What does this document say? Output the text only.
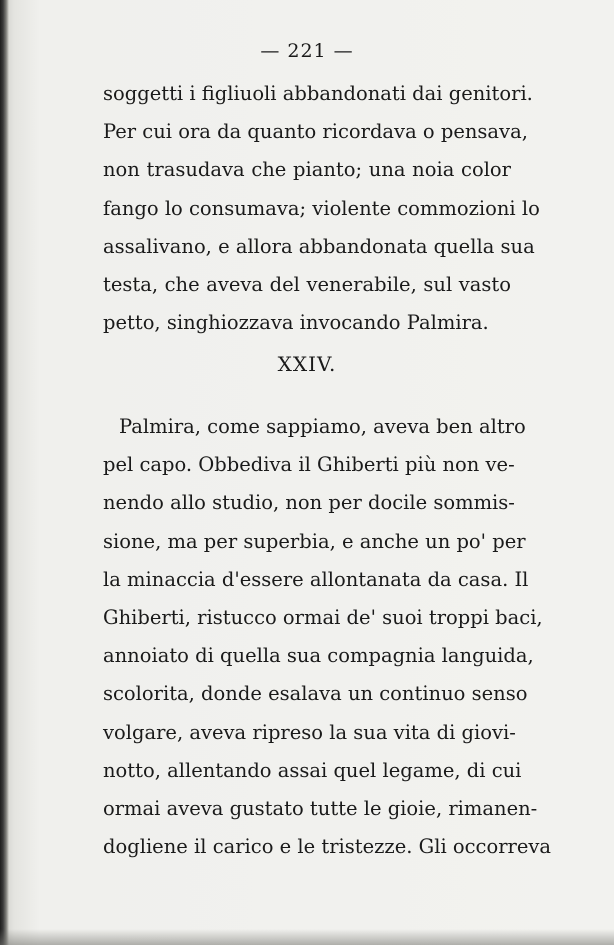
— 221 —
soggetti i figliuoli abbandonati dai genitori.
Per cui ora da quanto ricordava o pensava,
non trasudava che pianto; una noia color
fango lo consumava; violente commozioni lo
assalivano, e allora abbandonata quella sua
testa, che aveva del venerabile, sul vasto
petto, singhiozzava invocando Palmira.
XXIV.
Palmira, come sappiamo, aveva ben altro
pel capo. Obbediva il Ghiberti più non ve-
nendo allo studio, non per docile sommis-
sione, ma per superbia, e anche un po' per
la minaccia d'essere allontanata da casa. Il
Ghiberti, ristucco ormai de' suoi troppi baci,
annoiato di quella sua compagnia languida,
scolorita, donde esalava un continuo senso
volgare, aveva ripreso la sua vita di giovi-
notto, allentando assai quel legame, di cui
ormai aveva gustato tutte le gioie, rimanen-
dogliene il carico e le tristezze. Gli occorreva
